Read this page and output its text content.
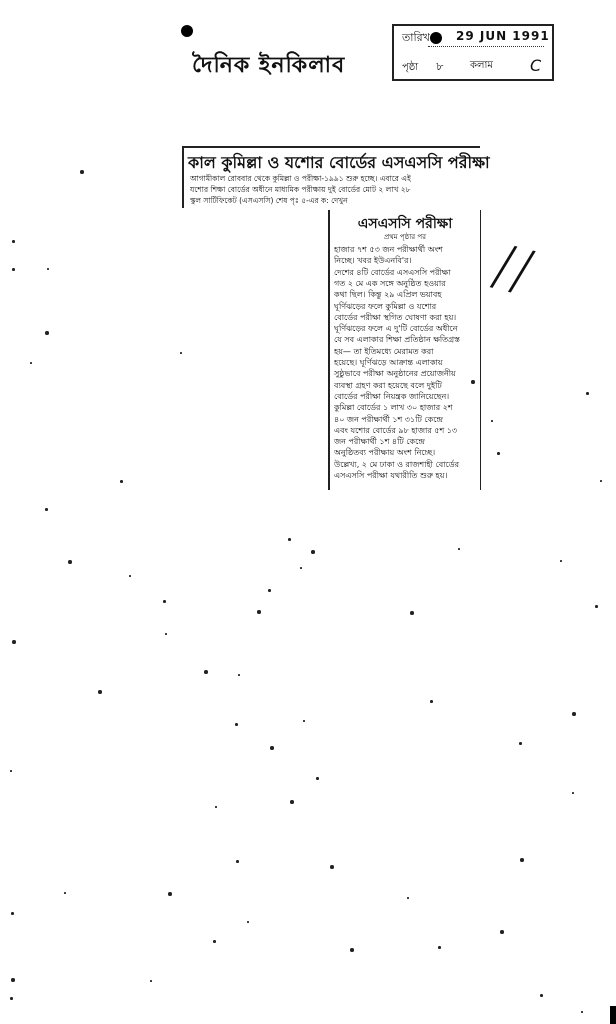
দৈনিক ইনকিলাব
তারিখ	29 JUN 1991
পৃষ্ঠা ৮	কলাম C
কাল কুমিল্লা ও যশোর বোর্ডের এসএসসি পরীক্ষা
আগামীকাল রোববার থেকে কুমিল্লা ও পরীক্ষা-১৯৯১ শুরু হচ্ছে। এবারে এই
যশোর শিক্ষা বোর্ডের অধীনে মাধ্যমিক পরীক্ষায় দুই বোর্ডের মোট ২ লাখ ২৮
স্কুল সার্টিফিকেট (এসএসসি) শেষ পৃঃ ৫-এর ক: দেখুন
এসএসসি পরীক্ষা
প্রথম পৃষ্ঠার পর
হাজার ৭শ ৫৩ জন পরীক্ষার্থী অংশ
নিচ্ছে। খবর ইউএনবি'র।
দেশের ৪টি বোর্ডের এসএসসি পরীক্ষা
গত ২ মে এক সঙ্গে অনুষ্ঠিত হওয়ার
কথা ছিল। কিন্তু ২৯ এপ্রিল ভয়াবহ
ঘূর্ণিঝড়ের ফলে কুমিল্লা ও যশোর
বোর্ডের পরীক্ষা স্থগিত ঘোষণা করা হয়।
ঘূর্ণিঝড়ের ফলে এ দু'টি বোর্ডের অধীনে
যে সব এলাকার শিক্ষা প্রতিষ্ঠান ক্ষতিগ্রস্ত
হয়— তা ইতিমধ্যে মেরামত করা
হয়েছে। ঘূর্ণিঝড়ে আক্রান্ত এলাকায়
সুষ্ঠুভাবে পরীক্ষা অনুষ্ঠানের প্রয়োজনীয়
ব্যবস্থা গ্রহণ করা হয়েছে বলে দুইটি
বোর্ডের পরীক্ষা নিয়ন্ত্রক জানিয়েছেন।
কুমিল্লা বোর্ডের ১ লাখ ৩০ হাজার ২শ
৪০ জন পরীক্ষার্থী ১শ ৩১টি কেন্দ্রে
এবং যশোর বোর্ডের ৯৮ হাজার ৫শ ১৩
জন পরীক্ষার্থী ১শ ৪টি কেন্দ্রে
অনুষ্ঠিতব্য পরীক্ষায় অংশ নিচ্ছে।
উল্লেখ্য, ২ মে ঢাকা ও রাজশাহী বোর্ডের
এসএসসি পরীক্ষা যথারীতি শুরু হয়।
//
